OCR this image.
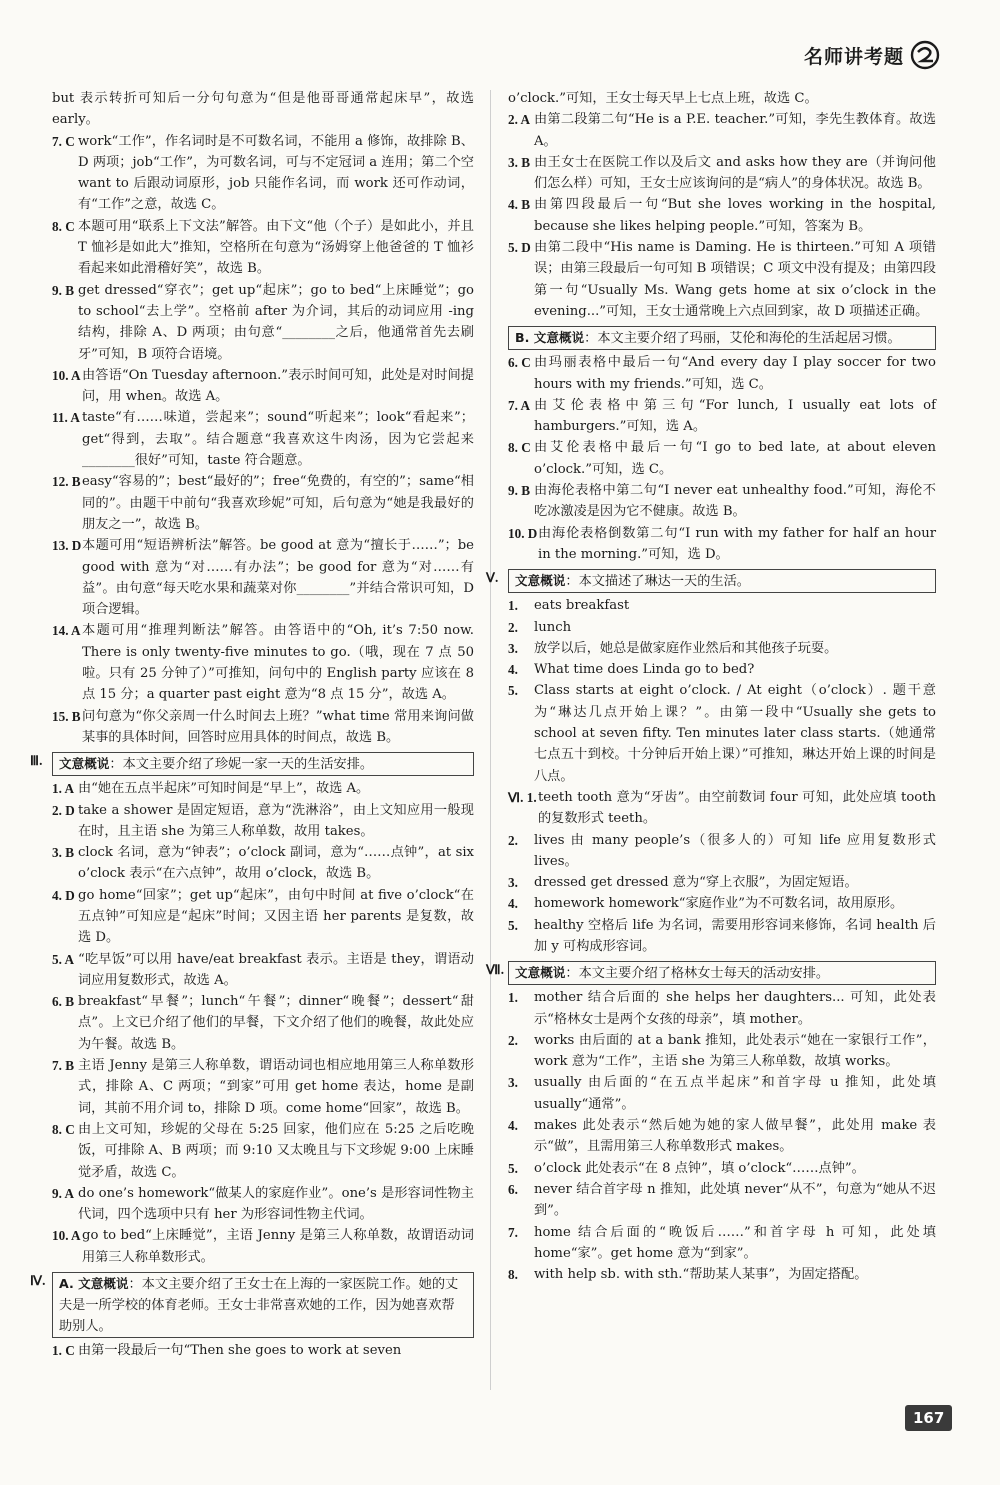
名师讲考题
but 表示转折可知后一分句句意为“但是他哥哥通常起床早”，故选 early。
7. C work“工作”，作名词时是不可数名词，不能用 a 修饰，故排除 B、D 两项；job“工作”，为可数名词，可与不定冠词 a 连用；第二个空 want to 后跟动词原形，job 只能作名词，而 work 还可作动词，有“工作”之意，故选 C。
8. C 本题可用“联系上下文法”解答。由下文“他（个子）是如此小，并且 T 恤衫是如此大”推知，空格所在句意为“汤姆穿上他爸爸的 T 恤衫看起来如此滑稽好笑”，故选 B。
9. B get dressed“穿衣”；get up“起床”；go to bed“上床睡觉”；go to school“去上学”。空格前 after 为介词，其后的动词应用 -ing 结构，排除 A、D 两项；由句意“________之后，他通常首先去刷牙”可知，B 项符合语境。
10. A 由答语“On Tuesday afternoon.”表示时间可知，此处是对时间提问，用 when。故选 A。
11. A taste“有……味道，尝起来”；sound“听起来”；look“看起来”；get“得到，去取”。结合题意“我喜欢这牛肉汤，因为它尝起来________很好”可知，taste 符合题意。
12. B easy“容易的”；best“最好的”；free“免费的，有空的”；same“相同的”。由题干中前句“我喜欢珍妮”可知，后句意为“她是我最好的朋友之一”，故选 B。
13. D 本题可用“短语辨析法”解答。be good at 意为“擅长于……”；be good with 意为“对……有办法”；be good for 意为“对……有益”。由句意“每天吃水果和蔬菜对你________”并结合常识可知，D 项合逻辑。
14. A 本题可用“推理判断法”解答。由答语中的“Oh, it’s 7:50 now. There is only twenty-five minutes to go.（哦，现在 7 点 50 啦。只有 25 分钟了）”可推知，问句中的 English party 应该在 8 点 15 分；a quarter past eight 意为“8 点 15 分”，故选 A。
15. B 问句意为“你父亲周一什么时间去上班？”what time 常用来询问做某事的具体时间，回答时应用具体的时间点，故选 B。
Ⅲ.	文意概说：本文主要介绍了珍妮一家一天的生活安排。
1. A 由“她在五点半起床”可知时间是“早上”，故选 A。
2. D take a shower 是固定短语，意为“洗淋浴”，由上文知应用一般现在时，且主语 she 为第三人称单数，故用 takes。
3. B clock 名词，意为“钟表”；o’clock 副词，意为“……点钟”，at six o’clock 表示“在六点钟”，故用 o’clock，故选 B。
4. D go home“回家”；get up“起床”，由句中时间 at five o’clock“在五点钟”可知应是“起床”时间；又因主语 her parents 是复数，故选 D。
5. A “吃早饭”可以用 have/eat breakfast 表示。主语是 they，谓语动词应用复数形式，故选 A。
6. B breakfast“早餐”；lunch“午餐”；dinner“晚餐”；dessert“甜点”。上文已介绍了他们的早餐，下文介绍了他们的晚餐，故此处应为午餐。故选 B。
7. B 主语 Jenny 是第三人称单数，谓语动词也相应地用第三人称单数形式，排除 A、C 两项；“到家”可用 get home 表达，home 是副词，其前不用介词 to，排除 D 项。come home“回家”，故选 B。
8. C 由上文可知，珍妮的父母在 5:25 回家，他们应在 5:25 之后吃晚饭，可排除 A、B 两项；而 9:10 又太晚且与下文珍妮 9:00 上床睡觉矛盾，故选 C。
9. A do one’s homework“做某人的家庭作业”。one’s 是形容词性物主代词，四个选项中只有 her 为形容词性物主代词。
10. A go to bed“上床睡觉”，主语 Jenny 是第三人称单数，故谓语动词用第三人称单数形式。
Ⅳ.	A. 文意概说：本文主要介绍了王女士在上海的一家医院工作。她的丈夫是一所学校的体育老师。王女士非常喜欢她的工作，因为她喜欢帮助别人。
1. C 由第一段最后一句“Then she goes to work at seven
o’clock.”可知，王女士每天早上七点上班，故选 C。
2. A 由第二段第二句“He is a P.E. teacher.”可知，李先生教体育。故选 A。
3. B 由王女士在医院工作以及后文 and asks how they are（并询问他们怎么样）可知，王女士应该询问的是“病人”的身体状况。故选 B。
4. B 由第四段最后一句“But she loves working in the hospital, because she likes helping people.”可知，答案为 B。
5. D 由第二段中“His name is Daming. He is thirteen.”可知 A 项错误；由第三段最后一句可知 B 项错误；C 项文中没有提及；由第四段第一句“Usually Ms. Wang gets home at six o’clock in the evening...”可知，王女士通常晚上六点回到家，故 D 项描述正确。
B. 文意概说：本文主要介绍了玛丽，艾伦和海伦的生活起居习惯。
6. C 由玛丽表格中最后一句“And every day I play soccer for two hours with my friends.”可知，选 C。
7. A 由艾伦表格中第三句“For lunch, I usually eat lots of hamburgers.”可知，选 A。
8. C 由艾伦表格中最后一句“I go to bed late, at about eleven o’clock.”可知，选 C。
9. B 由海伦表格中第二句“I never eat unhealthy food.”可知，海伦不吃冰激凌是因为它不健康。故选 B。
10. D 由海伦表格倒数第二句“I run with my father for half an hour in the morning.”可知，选 D。
Ⅴ.	文意概说：本文描述了琳达一天的生活。
1.	eats breakfast
2.	lunch
3.	放学以后，她总是做家庭作业然后和其他孩子玩耍。
4.	What time does Linda go to bed?
5.	Class starts at eight o’clock. / At eight（o’clock）. 题干意为“琳达几点开始上课？”。由第一段中“Usually she gets to school at seven fifty. Ten minutes later class starts.（她通常七点五十到校。十分钟后开始上课）”可推知，琳达开始上课的时间是八点。
Ⅵ. 1. teeth tooth 意为“牙齿”。由空前数词 four 可知，此处应填 tooth 的复数形式 teeth。
2.	lives 由 many people’s（很多人的）可知 life 应用复数形式 lives。
3.	dressed get dressed 意为“穿上衣服”，为固定短语。
4.	homework homework“家庭作业”为不可数名词，故用原形。
5.	healthy 空格后 life 为名词，需要用形容词来修饰，名词 health 后加 y 可构成形容词。
Ⅶ. 文意概说：本文主要介绍了格林女士每天的活动安排。
1.	mother 结合后面的 she helps her daughters... 可知，此处表示“格林女士是两个女孩的母亲”，填 mother。
2.	works 由后面的 at a bank 推知，此处表示“她在一家银行工作”，work 意为“工作”，主语 she 为第三人称单数，故填 works。
3.	usually 由后面的“在五点半起床”和首字母 u 推知，此处填 usually“通常”。
4.	makes 此处表示“然后她为她的家人做早餐”，此处用 make 表示“做”，且需用第三人称单数形式 makes。
5.	o’clock 此处表示“在 8 点钟”，填 o’clock“……点钟”。
6.	never 结合首字母 n 推知，此处填 never“从不”，句意为“她从不迟到”。
7.	home 结合后面的“晚饭后……”和首字母 h 可知，此处填 home“家”。get home 意为“到家”。
8.	with help sb. with sth.“帮助某人某事”，为固定搭配。
167
